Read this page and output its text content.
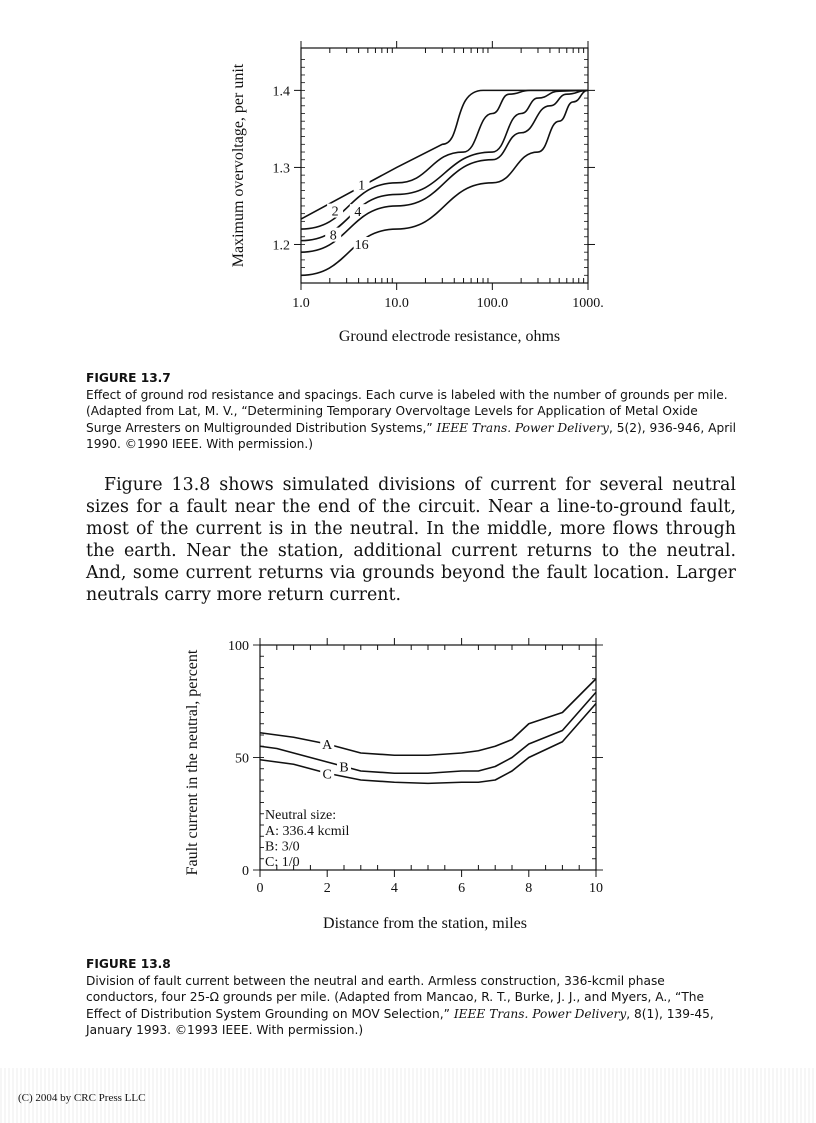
1.0	10.0	100.0	1000.
1.2
1.3
1.4
Ground electrode resistance, ohms
Maximum overvoltage, per unit	1
2 4
8
16
FIGURE 13.7
Effect of ground rod resistance and spacings. Each curve is labeled with the number of grounds per mile. (Adapted from Lat, M. V., “Determining Temporary Overvoltage Levels for Application of Metal Oxide Surge Arresters on Multigrounded Distribution Systems,” IEEE Trans. Power Delivery, 5(2), 936-946, April 1990. ©1990 IEEE. With permission.)
Figure 13.8 shows simulated divisions of current for several neutral sizes for a fault near the end of the circuit. Near a line-to-ground fault, most of the current is in the neutral. In the middle, more flows through the earth. Near the station, additional current returns to the neutral. And, some current returns via grounds beyond the fault location. Larger neutrals carry more return current.
0	2	4	6	8	10
0
50
100
Distance from the station, miles
Fault current in the neutral, percent	A
B
C
Neutral size:
A: 336.4 kcmil
B: 3/0
C: 1/0
FIGURE 13.8
Division of fault current between the neutral and earth. Armless construction, 336-kcmil phase conductors, four 25-Ω grounds per mile. (Adapted from Mancao, R. T., Burke, J. J., and Myers, A., “The Effect of Distribution System Grounding on MOV Selection,” IEEE Trans. Power Delivery, 8(1), 139-45, January 1993. ©1993 IEEE. With permission.)
(C) 2004 by CRC Press LLC
